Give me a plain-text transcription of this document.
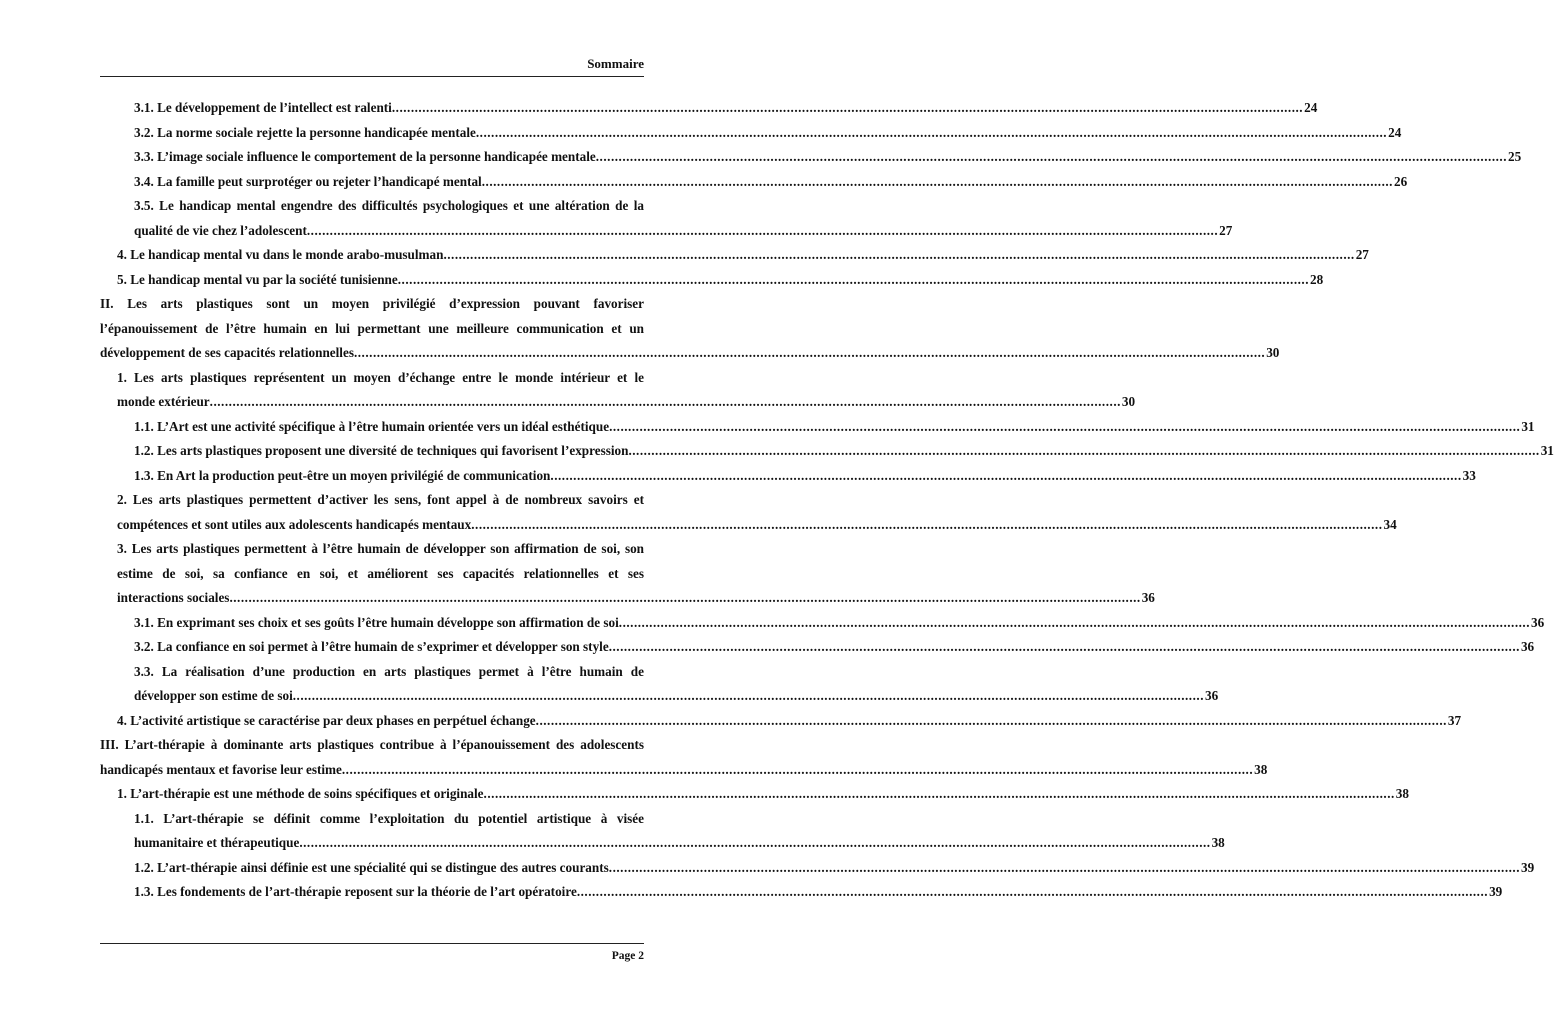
Sommaire
3.1. Le développement de l’intellect est ralenti .....	24
3.2. La norme sociale rejette la personne handicapée mentale .....	24
3.3. L’image sociale influence le comportement de la personne handicapée mentale .....	25
3.4. La famille peut surprotéger ou rejeter l’handicapé mental .....	26
3.5. Le handicap mental engendre des difficultés psychologiques et une altération de la
qualité de vie chez l’adolescent .....	27
4. Le handicap mental vu dans le monde arabo-musulman .....	27
5. Le handicap mental vu par la société tunisienne .....	28
II. Les arts plastiques sont un moyen privilégié d’expression pouvant favoriser
l’épanouissement de l’être humain en lui permettant une meilleure communication et un
développement de ses capacités relationnelles .....	30
1. Les arts plastiques représentent un moyen d’échange entre le monde intérieur et le
monde extérieur .....	30
1.1. L’Art est une activité spécifique à l’être humain orientée vers un idéal esthétique .....	31
1.2. Les arts plastiques proposent une diversité de techniques qui favorisent l’expression .....	31
1.3. En Art la production peut-être un moyen privilégié de communication .....	33
2. Les arts plastiques permettent d’activer les sens, font appel à de nombreux savoirs et
compétences et sont utiles aux adolescents handicapés mentaux .....	34
3. Les arts plastiques permettent à l’être humain de développer son affirmation de soi, son
estime de soi, sa confiance en soi, et améliorent ses capacités relationnelles et ses
interactions sociales .....	36
3.1. En exprimant ses choix et ses goûts l’être humain développe son affirmation de soi .....	36
3.2. La confiance en soi permet à l’être humain de s’exprimer et développer son style .....	36
3.3. La réalisation d’une production en arts plastiques permet à l’être humain de
développer son estime de soi .....	36
4. L’activité artistique se caractérise par deux phases en perpétuel échange .....	37
III. L’art-thérapie à dominante arts plastiques contribue à l’épanouissement des adolescents
handicapés mentaux et favorise leur estime .....	38
1. L’art-thérapie est une méthode de soins spécifiques et originale .....	38
1.1. L’art-thérapie se définit comme l’exploitation du potentiel artistique à visée
humanitaire et thérapeutique .....	38
1.2. L’art-thérapie ainsi définie est une spécialité qui se distingue des autres courants .....	39
1.3. Les fondements de l’art-thérapie reposent sur la théorie de l’art opératoire .....	39
Page 2
